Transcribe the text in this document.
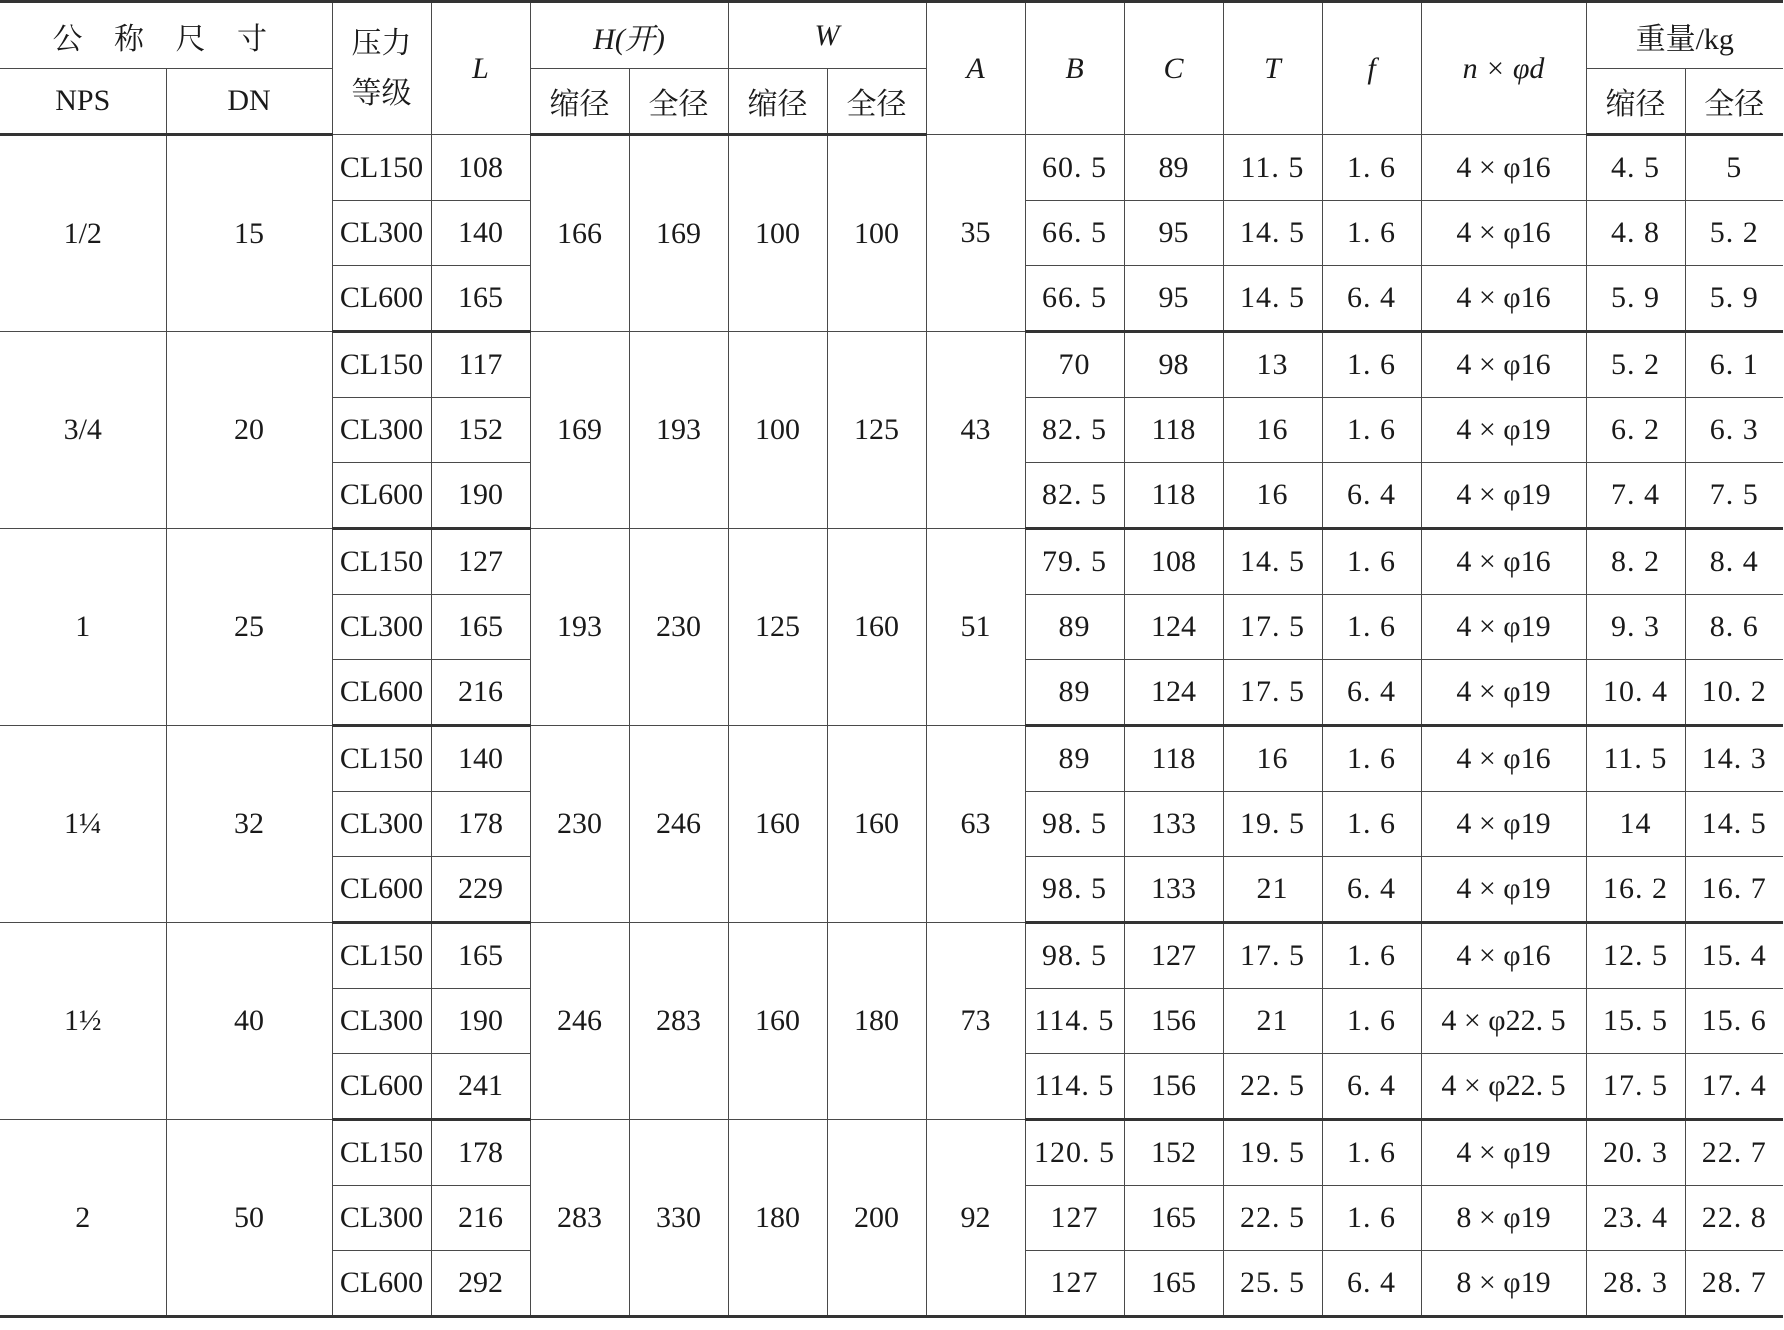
公 称 尺 寸		压力等级	L	H(开)		W		A	B	C	T	f	n × φd	重量/kg	
NPS	DN			缩径	全径	缩径	全径							缩径	全径
1/2	15	CL150	108	166	169	100	100	35	60. 5	89	11. 5	1. 6	4 × φ16	4. 5	5
		CL300	140						66. 5	95	14. 5	1. 6	4 × φ16	4. 8	5. 2
		CL600	165						66. 5	95	14. 5	6. 4	4 × φ16	5. 9	5. 9
3/4	20	CL150	117	169	193	100	125	43	70	98	13	1. 6	4 × φ16	5. 2	6. 1
		CL300	152						82. 5	118	16	1. 6	4 × φ19	6. 2	6. 3
		CL600	190						82. 5	118	16	6. 4	4 × φ19	7. 4	7. 5
1	25	CL150	127	193	230	125	160	51	79. 5	108	14. 5	1. 6	4 × φ16	8. 2	8. 4
		CL300	165						89	124	17. 5	1. 6	4 × φ19	9. 3	8. 6
		CL600	216						89	124	17. 5	6. 4	4 × φ19	10. 4	10. 2
1¼	32	CL150	140	230	246	160	160	63	89	118	16	1. 6	4 × φ16	11. 5	14. 3
		CL300	178						98. 5	133	19. 5	1. 6	4 × φ19	14	14. 5
		CL600	229						98. 5	133	21	6. 4	4 × φ19	16. 2	16. 7
1½	40	CL150	165	246	283	160	180	73	98. 5	127	17. 5	1. 6	4 × φ16	12. 5	15. 4
		CL300	190						114. 5	156	21	1. 6	4 × φ22. 5	15. 5	15. 6
		CL600	241						114. 5	156	22. 5	6. 4	4 × φ22. 5	17. 5	17. 4
2	50	CL150	178	283	330	180	200	92	120. 5	152	19. 5	1. 6	4 × φ19	20. 3	22. 7
		CL300	216						127	165	22. 5	1. 6	8 × φ19	23. 4	22. 8
		CL600	292						127	165	25. 5	6. 4	8 × φ19	28. 3	28. 7
